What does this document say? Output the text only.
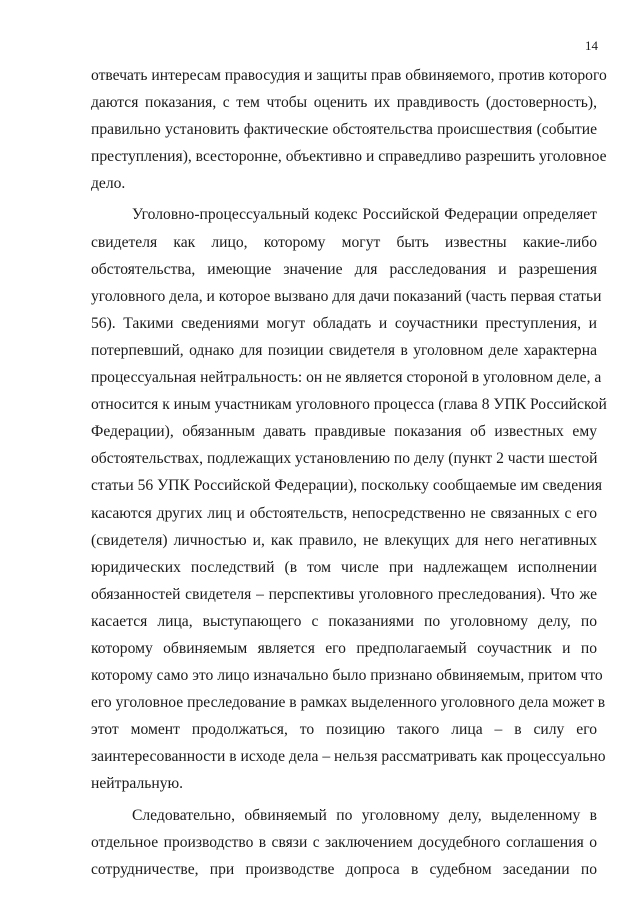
14
отвечать интересам правосудия и защиты прав обвиняемого, против которого
даются показания, с тем чтобы оценить их правдивость (достоверность),
правильно установить фактические обстоятельства происшествия (событие
преступления), всесторонне, объективно и справедливо разрешить уголовное
дело.
Уголовно-процессуальный кодекс Российской Федерации определяет
свидетеля как лицо, которому могут быть известны какие-либо
обстоятельства, имеющие значение для расследования и разрешения
уголовного дела, и которое вызвано для дачи показаний (часть первая статьи
56). Такими сведениями могут обладать и соучастники преступления, и
потерпевший, однако для позиции свидетеля в уголовном деле характерна
процессуальная нейтральность: он не является стороной в уголовном деле, а
относится к иным участникам уголовного процесса (глава 8 УПК Российской
Федерации), обязанным давать правдивые показания об известных ему
обстоятельствах, подлежащих установлению по делу (пункт 2 части шестой
статьи 56 УПК Российской Федерации), поскольку сообщаемые им сведения
касаются других лиц и обстоятельств, непосредственно не связанных с его
(свидетеля) личностью и, как правило, не влекущих для него негативных
юридических последствий (в том числе при надлежащем исполнении
обязанностей свидетеля – перспективы уголовного преследования). Что же
касается лица, выступающего с показаниями по уголовному делу, по
которому обвиняемым является его предполагаемый соучастник и по
которому само это лицо изначально было признано обвиняемым, притом что
его уголовное преследование в рамках выделенного уголовного дела может в
этот момент продолжаться, то позицию такого лица – в силу его
заинтересованности в исходе дела – нельзя рассматривать как процессуально
нейтральную.
Следовательно, обвиняемый по уголовному делу, выделенному в
отдельное производство в связи с заключением досудебного соглашения о
сотрудничестве, при производстве допроса в судебном заседании по
